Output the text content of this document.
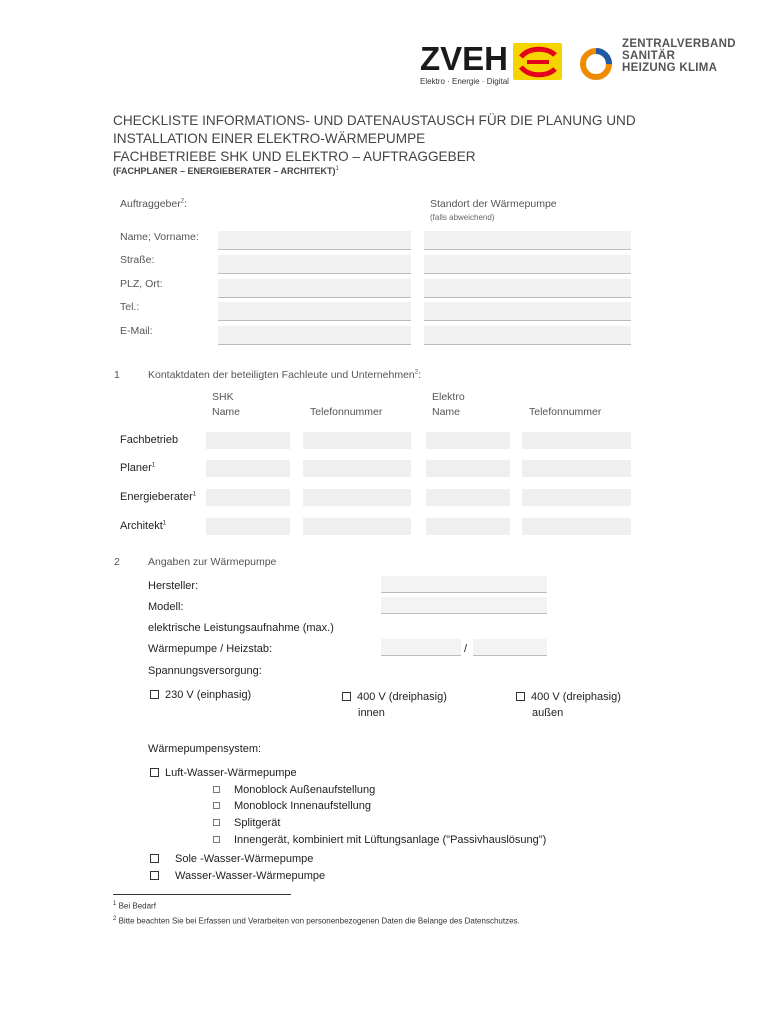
ZVEH
Elektro · Energie · Digital
ZENTRALVERBAND
SANITÄR
HEIZUNG KLIMA
CHECKLISTE INFORMATIONS- UND DATENAUSTAUSCH FÜR DIE PLANUNG UND
INSTALLATION EINER ELEKTRO-WÄRMEPUMPE
FACHBETRIEBE SHK UND ELEKTRO – AUFTRAGGEBER
(FACHPLANER – ENERGIEBERATER – ARCHITEKT)$^1$
Auftraggeber$^2$:	Standort der Wärmepumpe
(falls abweichend)
Name; Vorname:
Straße:
PLZ, Ort:
Tel.:
E-Mail:
1	Kontaktdaten der beteiligten Fachleute und Unternehmen$^2$:
SHK
Name	Telefonnummer
Elektro
Name	Telefonnummer
Fachbetrieb
Planer$^1$
Energieberater$^1$
Architekt$^1$
2	Angaben zur Wärmepumpe
Hersteller:
Modell:
elektrische Leistungsaufnahme (max.)
Wärmepumpe / Heizstab:	/
Spannungsversorgung:
230 V (einphasig)	400 V (dreiphasig)
innen
400 V (dreiphasig)
außen
Wärmepumpensystem:
Luft-Wasser-Wärmepumpe
Monoblock Außenaufstellung
Monoblock Innenaufstellung
Splitgerät
Innengerät, kombiniert mit Lüftungsanlage ("Passivhauslösung")
Sole -Wasser-Wärmepumpe
Wasser-Wasser-Wärmepumpe
$^1$ Bei Bedarf
$^2$ Bitte beachten Sie bei Erfassen und Verarbeiten von personenbezogenen Daten die Belange des Datenschutzes.
